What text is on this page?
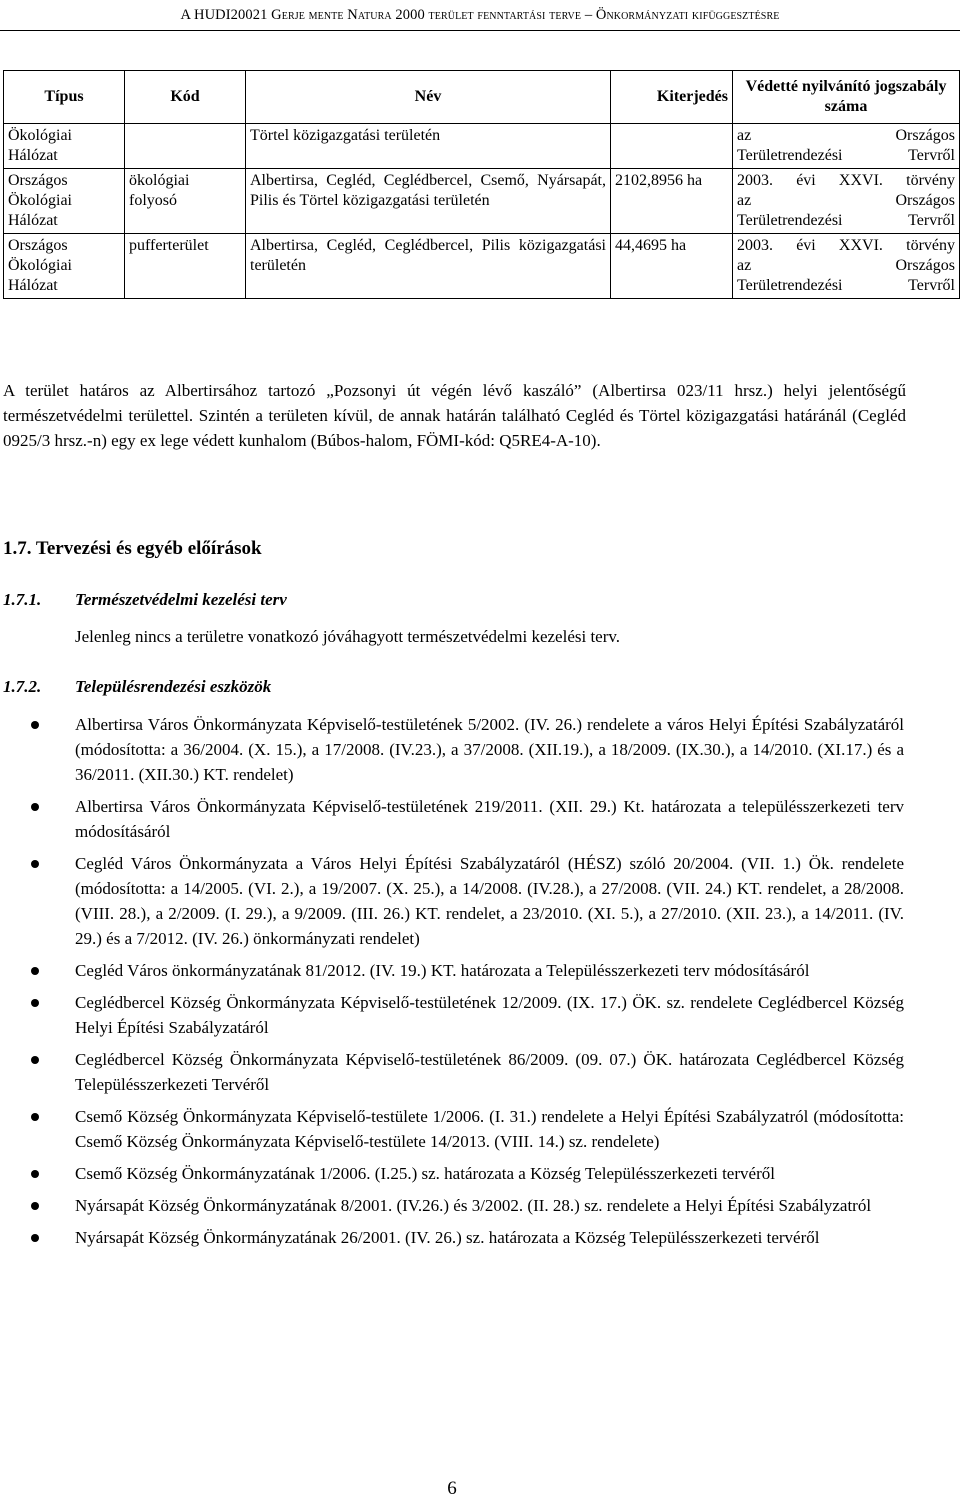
A HUDI20021 Gerje mente Natura 2000 terület fenntartási terve – Önkormányzati kifüggesztésre
Típus	Kód	Név	Kiterjedés	Védetté nyilvánító jogszabály száma
Ökológiai Hálózat		Törtel közigazgatási területén		az Országos
Területrendezési Tervről

Országos Ökológiai Hálózat	ökológiai folyosó	Albertirsa, Cegléd, Ceglédbercel, Csemő, Nyársapát, Pilis és Törtel közigazgatási területén	2102,8956 ha	2003. évi XXVI. törvény
az Országos
Területrendezési Tervről

Országos Ökológiai Hálózat	pufferterület	Albertirsa, Cegléd, Ceglédbercel, Pilis közigazgatási területén	44,4695 ha	2003. évi XXVI. törvény
az Országos
Területrendezési Tervről
A terület határos az Albertirsához tartozó „Pozsonyi út végén lévő kaszáló” (Albertirsa 023/11 hrsz.) helyi jelentőségű természetvédelmi területtel. Szintén a területen kívül, de annak határán található Cegléd és Törtel közigazgatási határánál (Cegléd 0925/3 hrsz.-n) egy ex lege védett kunhalom (Búbos-halom, FÖMI-kód: Q5RE4-A-10).
1.7. Tervezési és egyéb előírások
1.7.1. Természetvédelmi kezelési terv
Jelenleg nincs a területre vonatkozó jóváhagyott természetvédelmi kezelési terv.
1.7.2. Településrendezési eszközök
Albertirsa Város Önkormányzata Képviselő-testületének 5/2002. (IV. 26.) rendelete a város Helyi Építési Szabályzatáról (módosította: a 36/2004. (X. 15.), a 17/2008. (IV.23.), a 37/2008. (XII.19.), a 18/2009. (IX.30.), a 14/2010. (XI.17.) és a 36/2011. (XII.30.) KT. rendelet)
Albertirsa Város Önkormányzata Képviselő-testületének 219/2011. (XII. 29.) Kt. határozata a településszerkezeti terv módosításáról
Cegléd Város Önkormányzata a Város Helyi Építési Szabályzatáról (HÉSZ) szóló 20/2004. (VII. 1.) Ök. rendelete (módosította: a 14/2005. (VI. 2.), a 19/2007. (X. 25.), a 14/2008. (IV.28.), a 27/2008. (VII. 24.) KT. rendelet, a 28/2008. (VIII. 28.), a 2/2009. (I. 29.), a 9/2009. (III. 26.) KT. rendelet, a 23/2010. (XI. 5.), a 27/2010. (XII. 23.), a 14/2011. (IV. 29.) és a 7/2012. (IV. 26.) önkormányzati rendelet)
Cegléd Város önkormányzatának 81/2012. (IV. 19.) KT. határozata a Településszerkezeti terv módosításáról
Ceglédbercel Község Önkormányzata Képviselő-testületének 12/2009. (IX. 17.) ÖK. sz. rendelete Ceglédbercel Község Helyi Építési Szabályzatáról
Ceglédbercel Község Önkormányzata Képviselő-testületének 86/2009. (09. 07.) ÖK. határozata Ceglédbercel Község Településszerkezeti Tervéről
Csemő Község Önkormányzata Képviselő-testülete 1/2006. (I. 31.) rendelete a Helyi Építési Szabályzatról (módosította: Csemő Község Önkormányzata Képviselő-testülete 14/2013. (VIII. 14.) sz. rendelete)
Csemő Község Önkormányzatának 1/2006. (I.25.) sz. határozata a Község Településszerkezeti tervéről
Nyársapát Község Önkormányzatának 8/2001. (IV.26.) és 3/2002. (II. 28.) sz. rendelete a Helyi Építési Szabályzatról
Nyársapát Község Önkormányzatának 26/2001. (IV. 26.) sz. határozata a Község Településszerkezeti tervéről
6
